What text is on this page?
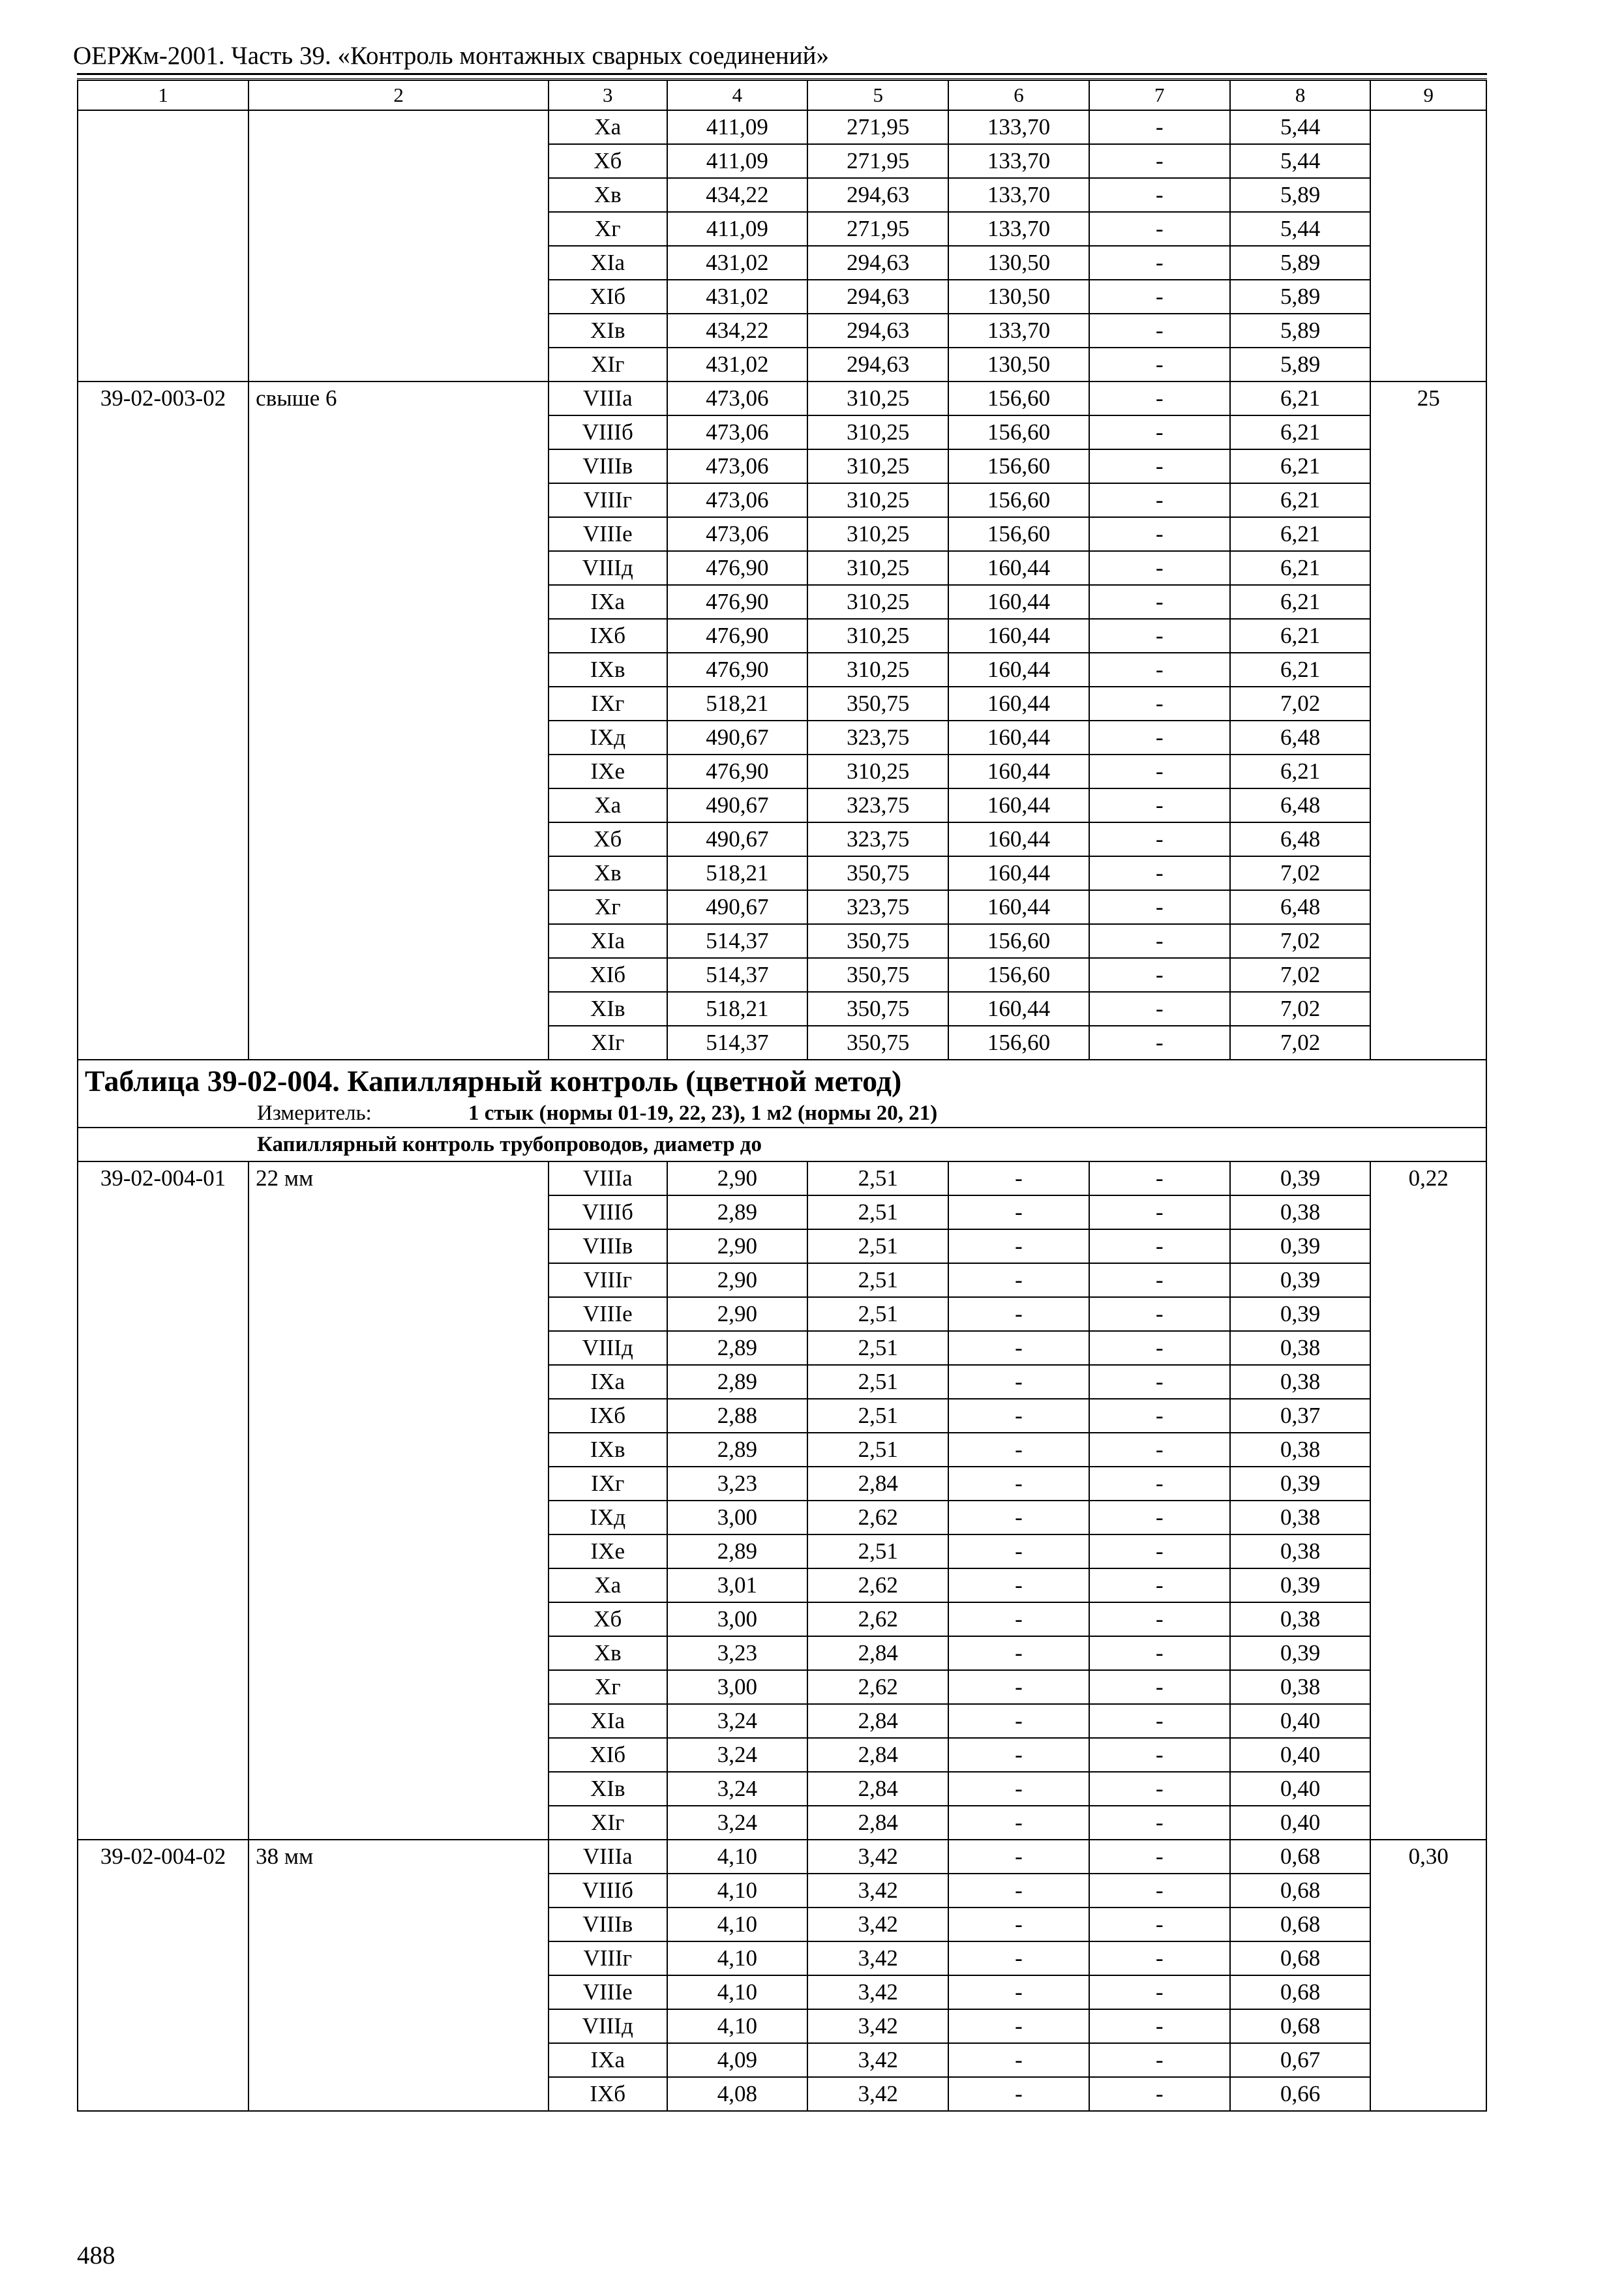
ОЕРЖм-2001. Часть 39. «Контроль монтажных сварных соединений»
1	2	3	4	5	6	7	8	9
		Xa	411,09	271,95	133,70	-	5,44	
		Xб	411,09	271,95	133,70	-	5,44	
		Xв	434,22	294,63	133,70	-	5,89	
		Xг	411,09	271,95	133,70	-	5,44	
		XIa	431,02	294,63	130,50	-	5,89	
		XIб	431,02	294,63	130,50	-	5,89	
		XIв	434,22	294,63	133,70	-	5,89	
		XIг	431,02	294,63	130,50	-	5,89	
39-02-003-02	свыше 6	VIIIa	473,06	310,25	156,60	-	6,21	25
		VIIIб	473,06	310,25	156,60	-	6,21	
		VIIIв	473,06	310,25	156,60	-	6,21	
		VIIIг	473,06	310,25	156,60	-	6,21	
		VIIIe	473,06	310,25	156,60	-	6,21	
		VIIIд	476,90	310,25	160,44	-	6,21	
		IXa	476,90	310,25	160,44	-	6,21	
		IXб	476,90	310,25	160,44	-	6,21	
		IXв	476,90	310,25	160,44	-	6,21	
		IXг	518,21	350,75	160,44	-	7,02	
		IXд	490,67	323,75	160,44	-	6,48	
		IXe	476,90	310,25	160,44	-	6,21	
		Xa	490,67	323,75	160,44	-	6,48	
		Xб	490,67	323,75	160,44	-	6,48	
		Xв	518,21	350,75	160,44	-	7,02	
		Xг	490,67	323,75	160,44	-	6,48	
		XIa	514,37	350,75	156,60	-	7,02	
		XIб	514,37	350,75	156,60	-	7,02	
		XIв	518,21	350,75	160,44	-	7,02	
		XIг	514,37	350,75	156,60	-	7,02	

Таблица 39-02-004. Капиллярный контроль (цветной метод)
Измеритель: 1 стык (нормы 01-19, 22, 23), 1 м2 (нормы 20, 21)								

Капиллярный контроль трубопроводов, диаметр до								
39-02-004-01	22 мм	VIIIa	2,90	2,51	-	-	0,39	0,22
		VIIIб	2,89	2,51	-	-	0,38	
		VIIIв	2,90	2,51	-	-	0,39	
		VIIIг	2,90	2,51	-	-	0,39	
		VIIIe	2,90	2,51	-	-	0,39	
		VIIIд	2,89	2,51	-	-	0,38	
		IXa	2,89	2,51	-	-	0,38	
		IXб	2,88	2,51	-	-	0,37	
		IXв	2,89	2,51	-	-	0,38	
		IXг	3,23	2,84	-	-	0,39	
		IXд	3,00	2,62	-	-	0,38	
		IXe	2,89	2,51	-	-	0,38	
		Xa	3,01	2,62	-	-	0,39	
		Xб	3,00	2,62	-	-	0,38	
		Xв	3,23	2,84	-	-	0,39	
		Xг	3,00	2,62	-	-	0,38	
		XIa	3,24	2,84	-	-	0,40	
		XIб	3,24	2,84	-	-	0,40	
		XIв	3,24	2,84	-	-	0,40	
		XIг	3,24	2,84	-	-	0,40	
39-02-004-02	38 мм	VIIIa	4,10	3,42	-	-	0,68	0,30
		VIIIб	4,10	3,42	-	-	0,68	
		VIIIв	4,10	3,42	-	-	0,68	
		VIIIг	4,10	3,42	-	-	0,68	
		VIIIe	4,10	3,42	-	-	0,68	
		VIIIд	4,10	3,42	-	-	0,68	
		IXa	4,09	3,42	-	-	0,67	
		IXб	4,08	3,42	-	-	0,66	
488
